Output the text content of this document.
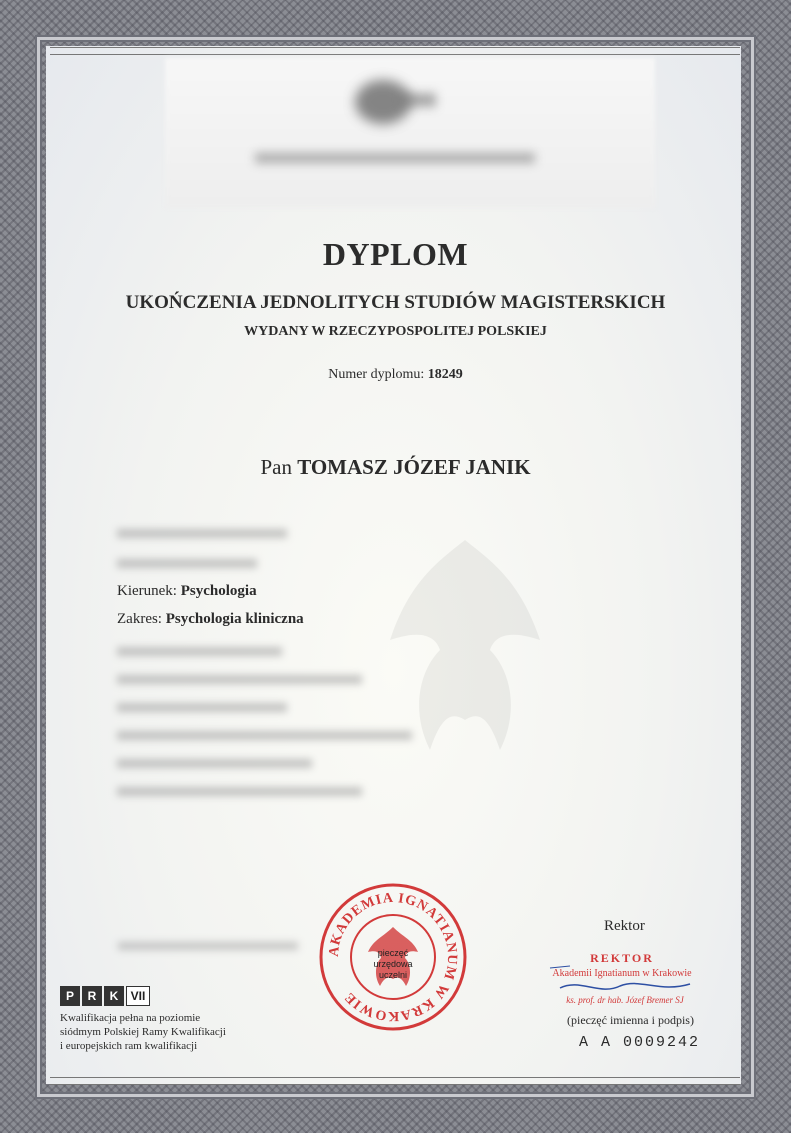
DYPLOM
UKOŃCZENIA JEDNOLITYCH STUDIÓW MAGISTERSKICH
WYDANY W RZECZYPOSPOLITEJ POLSKIEJ
Numer dyplomu: 18249
Pan TOMASZ JÓZEF JANIK
Kierunek: Psychologia
Zakres: Psychologia kliniczna
AKADEMIA IGNATIANUM W KRAKOWIE
pieczęć
urzędowa
uczelni
Rektor
REKTOR
Akademii Ignatianum w Krakowie
ks. prof. dr hab. Józef Bremer SJ
(pieczęć imienna i podpis)
A A 0009242
P	R	K	VII
Kwalifikacja pełna na poziomie
siódmym Polskiej Ramy Kwalifikacji
i europejskich ram kwalifikacji
